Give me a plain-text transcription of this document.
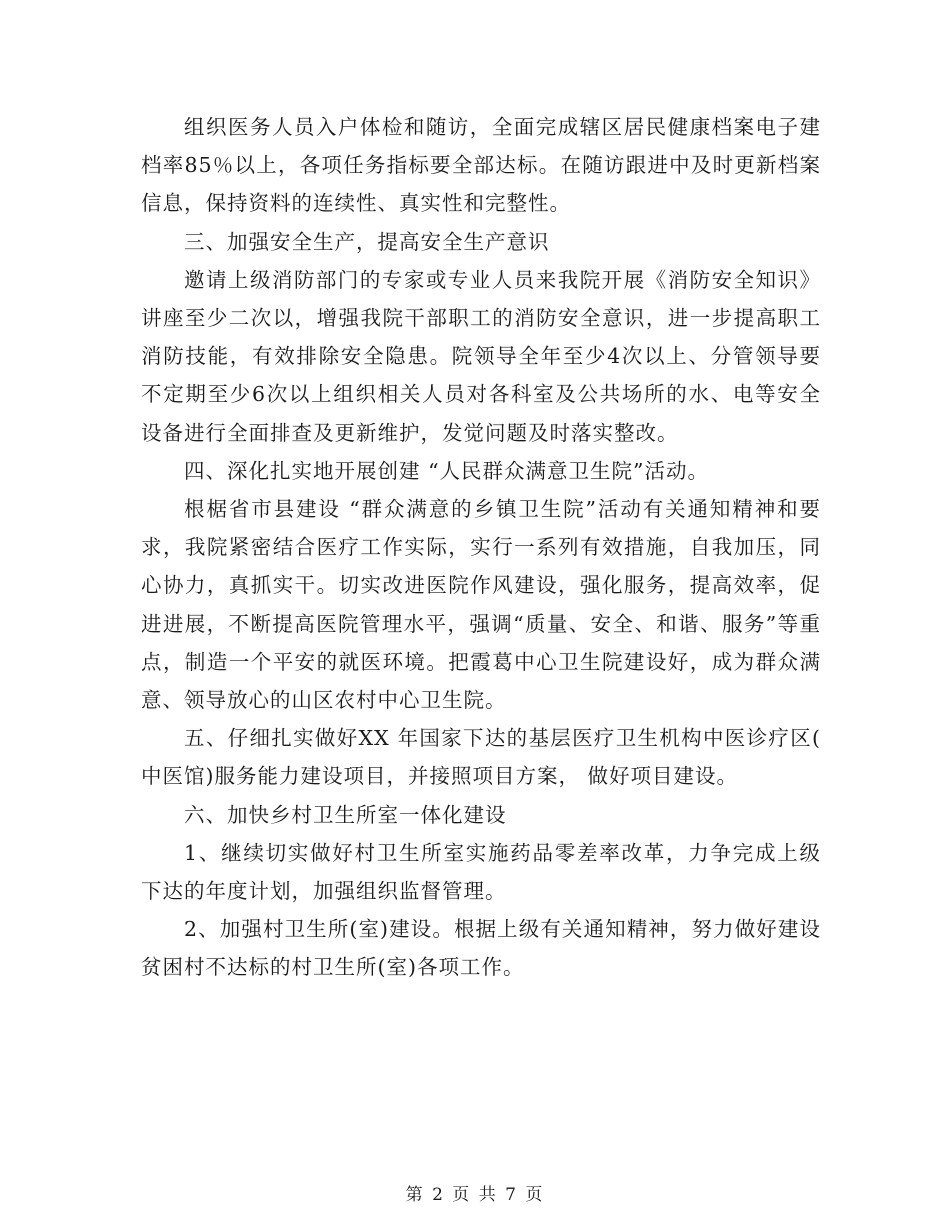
组织医务人员入户体检和随访，全面完成辖区居民健康档案电子建档率85％以上，各项任务指标要全部达标。在随访跟进中及时更新档案信息，保持资料的连续性、真实性和完整性。

三、加强安全生产，提高安全生产意识

邀请上级消防部门的专家或专业人员来我院开展《消防安全知识》讲座至少二次以，增强我院干部职工的消防安全意识，进一步提高职工消防技能，有效排除安全隐患。院领导全年至少4次以上、分管领导要不定期至少6次以上组织相关人员对各科室及公共场所的水、电等安全设备进行全面排查及更新维护，发觉问题及时落实整改。

四、深化扎实地开展创建 “人民群众满意卫生院”活动。

根椐省市县建设 “群众满意的乡镇卫生院”活动有关通知精神和要求，我院紧密结合医疗工作实际，实行一系列有效措施，自我加压，同心协力，真抓实干。切实改进医院作风建设，强化服务，提高效率，促进进展，不断提高医院管理水平，强调“质量、安全、和谐、服务”等重点，制造一个平安的就医环境。把霞葛中心卫生院建设好，成为群众满意、领导放心的山区农村中心卫生院。

五、仔细扎实做好XX 年国家下达的基层医疗卫生机构中医诊疗区( 中医馆)服务能力建设项目，并接照项目方案， 做好项目建设。

六、加快乡村卫生所室一体化建设

1、继续切实做好村卫生所室实施药品零差率改革，力争完成上级下达的年度计划，加强组织监督管理。

2、加强村卫生所(室)建设。根据上级有关通知精神，努力做好建设贫困村不达标的村卫生所(室)各项工作。

第 2 页 共 7 页
